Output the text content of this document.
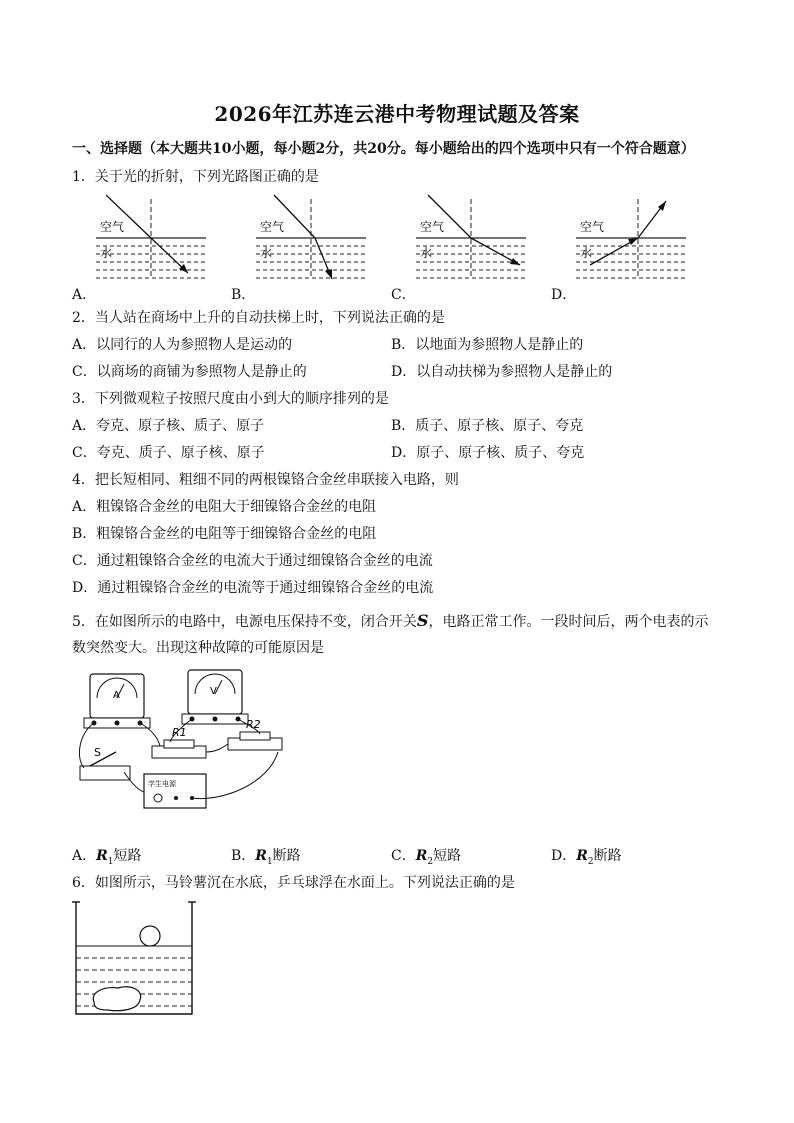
2026年江苏连云港中考物理试题及答案
一、选择题（本大题共10小题，每小题2分，共20分。每小题给出的四个选项中只有一个符合题意）
1．关于光的折射，下列光路图正确的是
A．
空气
水
B．
空气
水
C．
空气
水
D．
空气
水
2．当人站在商场中上升的自动扶梯上时，下列说法正确的是
A．以同行的人为参照物人是运动的	B．以地面为参照物人是静止的
C．以商场的商铺为参照物人是静止的	D．以自动扶梯为参照物人是静止的
3．下列微观粒子按照尺度由小到大的顺序排列的是
A．夸克、原子核、质子、原子	B．质子、原子核、原子、夸克
C．夸克、质子、原子核、原子	D．原子、原子核、质子、夸克
4．把长短相同、粗细不同的两根镍铬合金丝串联接入电路，则
A．粗镍铬合金丝的电阻大于细镍铬合金丝的电阻
B．粗镍铬合金丝的电阻等于细镍铬合金丝的电阻
C．通过粗镍铬合金丝的电流大于通过细镍铬合金丝的电流
D．通过粗镍铬合金丝的电流等于通过细镍铬合金丝的电流
5．在如图所示的电路中，电源电压保持不变，闭合开关S，电路正常工作。一段时间后，两个电表的示
数突然变大。出现这种故障的可能原因是
A	V
R1
R2
S
学生电源
A．$R_1$短路	B．$R_1$断路	C．$R_2$短路	D．$R_2$断路
6．如图所示，马铃薯沉在水底，乒乓球浮在水面上。下列说法正确的是
